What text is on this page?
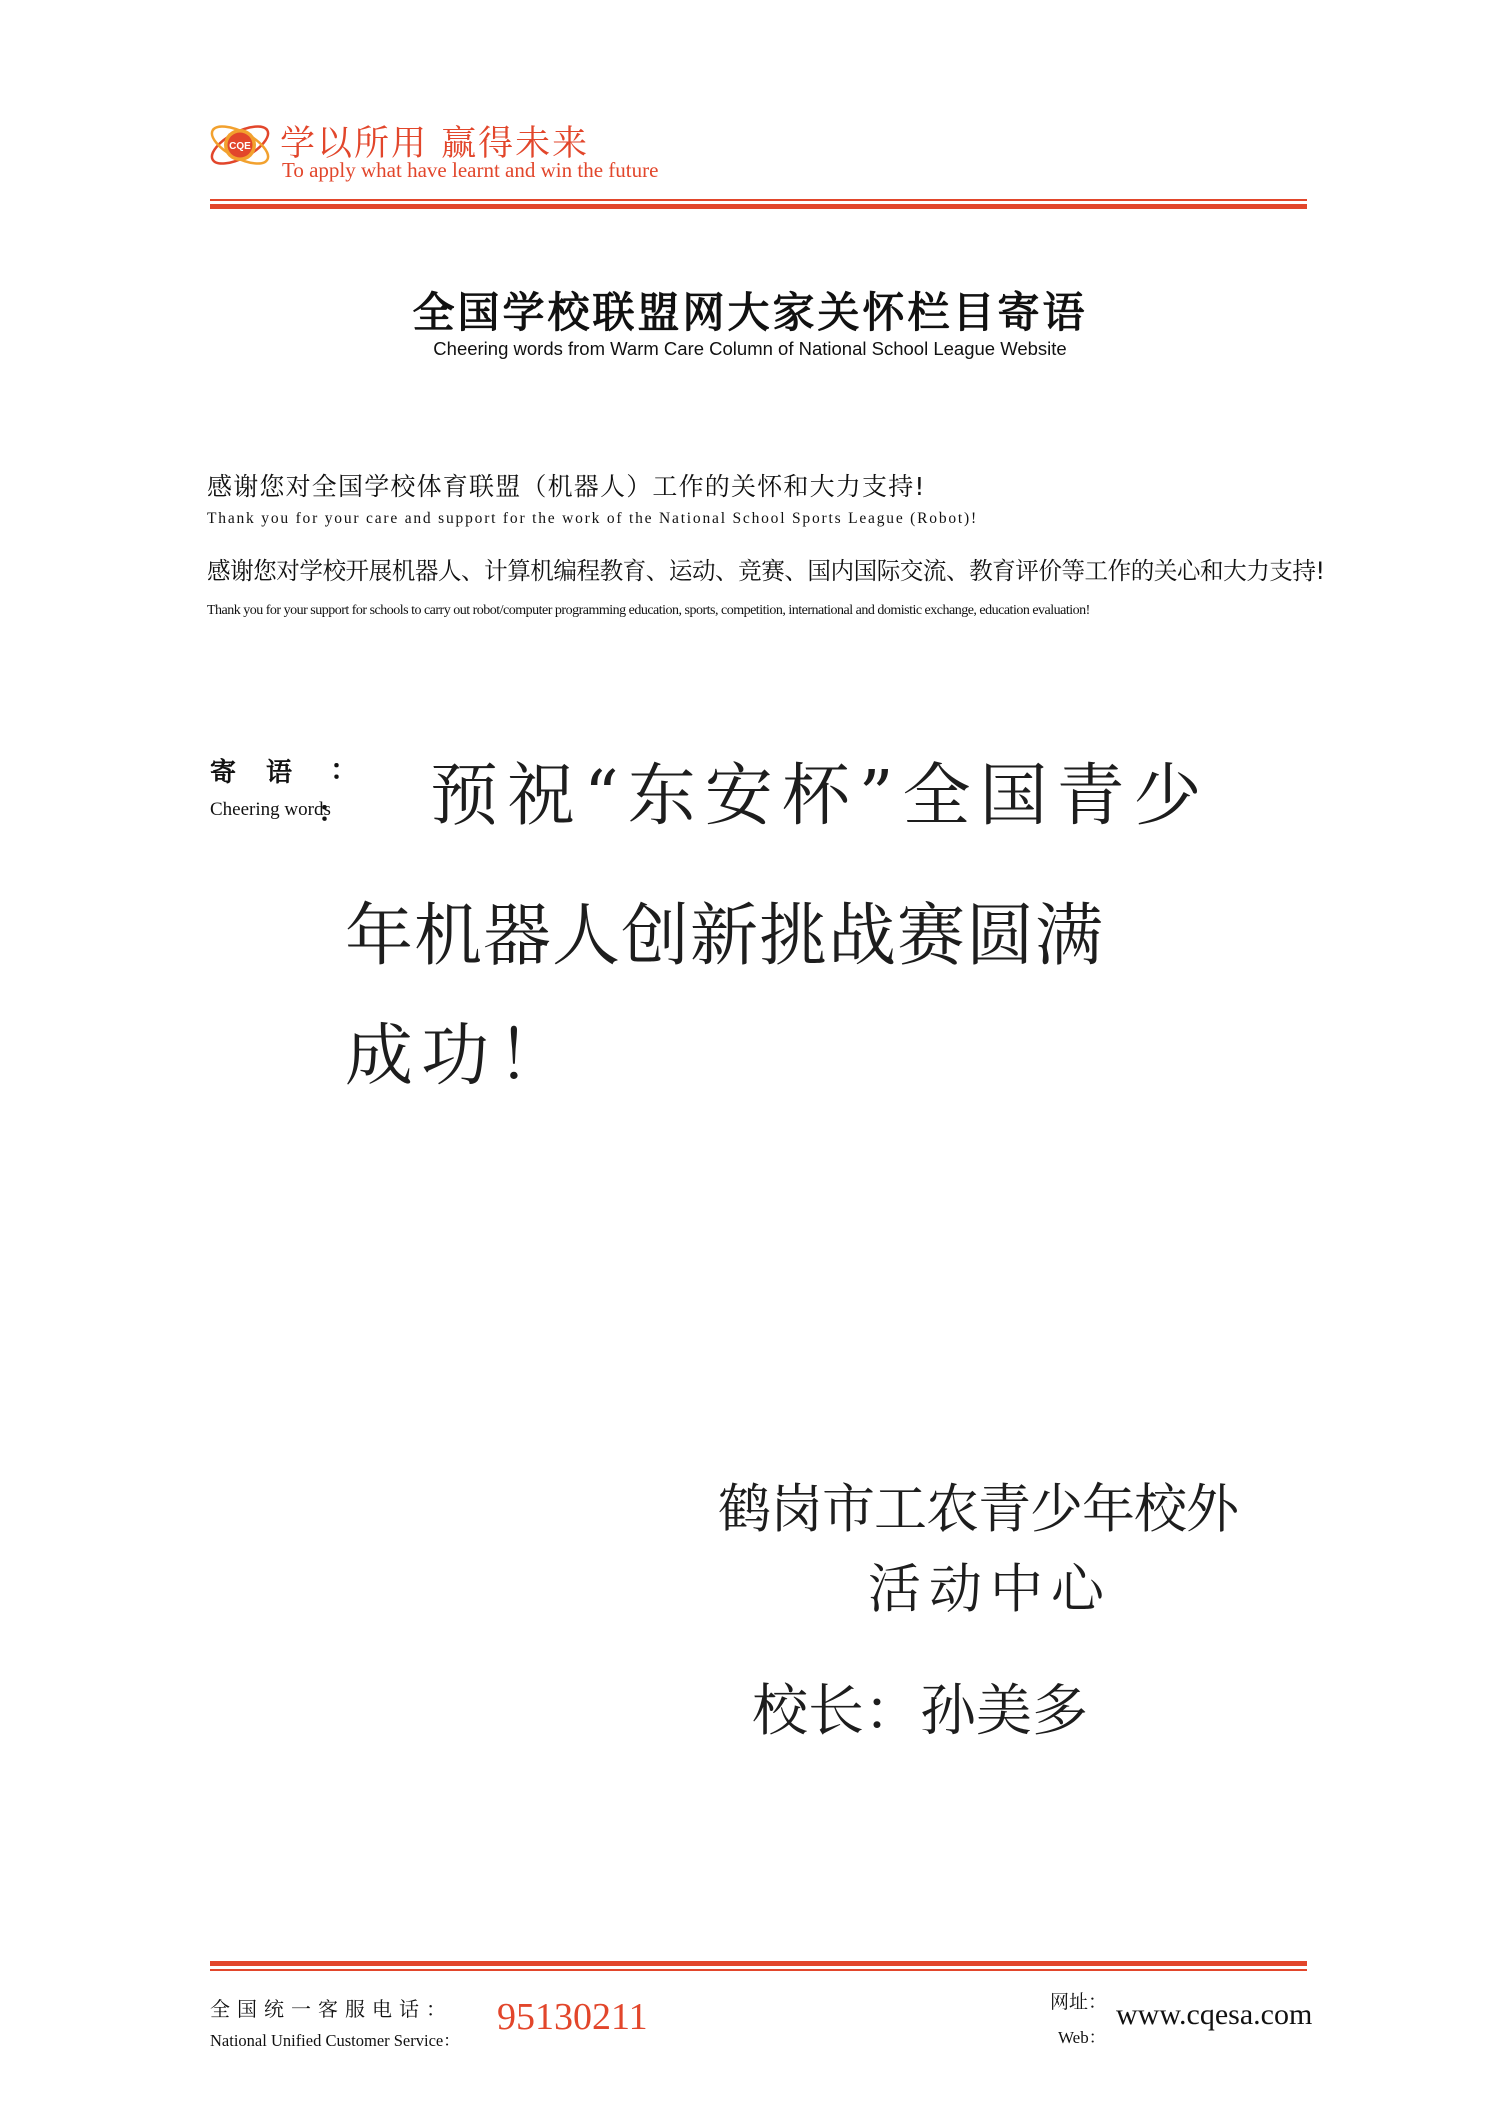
CQE 学以所用 赢得未来
To apply what have learnt and win the future
全国学校联盟网大家关怀栏目寄语
Cheering words from Warm Care Column of National School League Website
感谢您对全国学校体育联盟（机器人）工作的关怀和大力支持!
Thank you for your care and support for the work of the National School Sports League (Robot)!
感谢您对学校开展机器人、计算机编程教育、运动、竞赛、国内国际交流、教育评价等工作的关心和大力支持!
Thank you for your support for schools to carry out robot/computer programming education, sports, competition, international and domistic exchange, education evaluation!
寄语 ：
Cheering words
： 预祝“东安杯”全国青少
年机器人创新挑战赛圆满
成功！
鹤岗市工农青少年校外
活动中心
校长：孙美多
全国统一客服电话：
National Unified Customer Service：
95130211	网址：
Web：
www.cqesa.com
